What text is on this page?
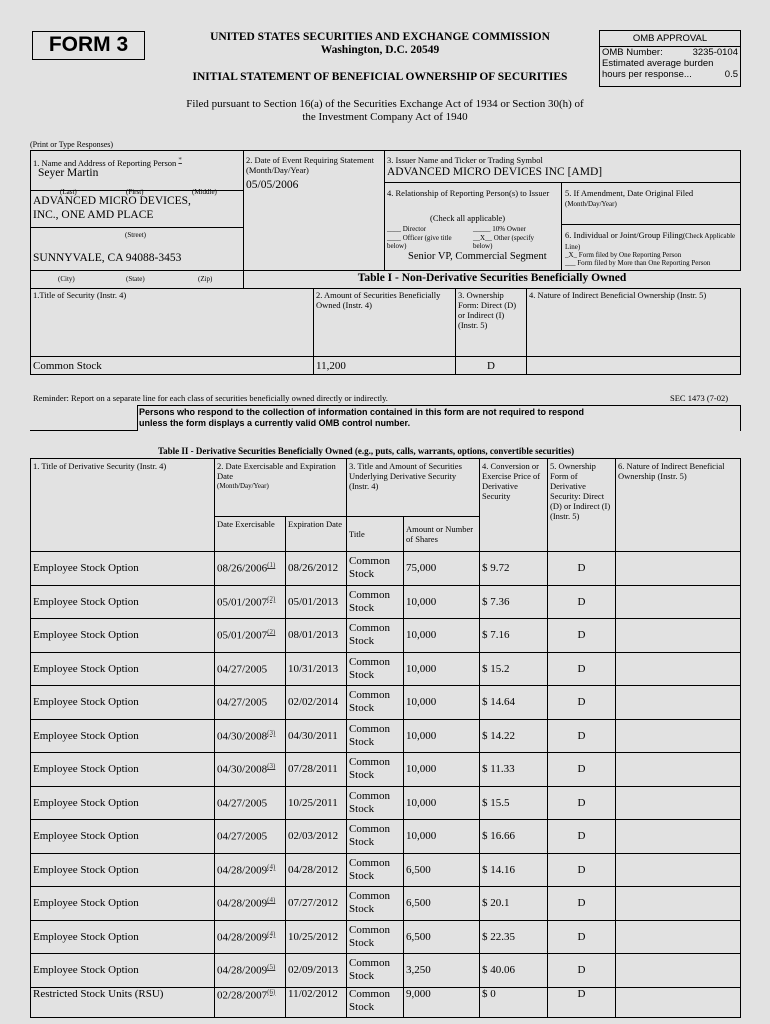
FORM 3	UNITED STATES SECURITIES AND EXCHANGE COMMISSION
Washington, D.C. 20549
INITIAL STATEMENT OF BENEFICIAL OWNERSHIP OF SECURITIES
OMB APPROVAL
OMB Number:	3235-0104
Estimated average burden
hours per response...	0.5
Filed pursuant to Section 16(a) of the Securities Exchange Act of 1934 or Section 30(h) of
the Investment Company Act of 1940
(Print or Type Responses)
1. Name and Address of Reporting Person *
Seyer Martin
(Last)	(First)	(Middle)
ADVANCED MICRO DEVICES,
INC., ONE AMD PLACE
(Street)
SUNNYVALE, CA 94088-3453
(City)	(State)	(Zip)
2. Date of Event Requiring Statement (Month/Day/Year)
05/05/2006
3. Issuer Name and Ticker or Trading Symbol
ADVANCED MICRO DEVICES INC [AMD]
4. Relationship of Reporting Person(s) to Issuer
(Check all applicable)
____ Director	_____ 10% Owner
____ Officer (give title below)
__X__ Other (specify below)
Senior VP, Commercial Segment
5. If Amendment, Date Original Filed (Month/Day/Year)
6. Individual or Joint/Group Filing(Check Applicable Line)
_X_ Form filed by One Reporting Person
___ Form filed by More than One Reporting Person
Table I - Non-Derivative Securities Beneficially Owned
1.Title of Security (Instr. 4)	2. Amount of Securities Beneficially Owned (Instr. 4)	3. Ownership Form: Direct (D) or Indirect (I) (Instr. 5)	4. Nature of Indirect Beneficial Ownership (Instr. 5)
Common Stock	11,200	D	
Reminder: Report on a separate line for each class of securities beneficially owned directly or indirectly.	SEC 1473 (7-02)
Persons who respond to the collection of information contained in this form are not required to respond
unless the form displays a currently valid OMB control number.
Table II - Derivative Securities Beneficially Owned (e.g., puts, calls, warrants, options, convertible securities)
1. Title of Derivative Security (Instr. 4)	2. Date Exercisable and Expiration Date
(Month/Day/Year)		3. Title and Amount of Securities Underlying Derivative Security (Instr. 4)		4. Conversion or Exercise Price of Derivative Security	5. Ownership Form of Derivative Security: Direct (D) or Indirect (I) (Instr. 5)	6. Nature of Indirect Beneficial Ownership (Instr. 5)
	Date Exercisable	Expiration Date	Title	Amount or Number of Shares			
Employee Stock Option	08/26/2006$^{(1)}$	08/26/2012	Common Stock	75,000	$ 9.72	D	
Employee Stock Option	05/01/2007$^{(2)}$	05/01/2013	Common Stock	10,000	$ 7.36	D	
Employee Stock Option	05/01/2007$^{(2)}$	08/01/2013	Common Stock	10,000	$ 7.16	D	
Employee Stock Option	04/27/2005	10/31/2013	Common Stock	10,000	$ 15.2	D	
Employee Stock Option	04/27/2005	02/02/2014	Common Stock	10,000	$ 14.64	D	
Employee Stock Option	04/30/2008$^{(3)}$	04/30/2011	Common Stock	10,000	$ 14.22	D	
Employee Stock Option	04/30/2008$^{(3)}$	07/28/2011	Common Stock	10,000	$ 11.33	D	
Employee Stock Option	04/27/2005	10/25/2011	Common Stock	10,000	$ 15.5	D	
Employee Stock Option	04/27/2005	02/03/2012	Common Stock	10,000	$ 16.66	D	
Employee Stock Option	04/28/2009$^{(4)}$	04/28/2012	Common Stock	6,500	$ 14.16	D	
Employee Stock Option	04/28/2009$^{(4)}$	07/27/2012	Common Stock	6,500	$ 20.1	D	
Employee Stock Option	04/28/2009$^{(4)}$	10/25/2012	Common Stock	6,500	$ 22.35	D	
Employee Stock Option	04/28/2009$^{(5)}$	02/09/2013	Common Stock	3,250	$ 40.06	D	
Restricted Stock Units (RSU)	02/28/2007$^{(6)}$	11/02/2012	Common Stock	9,000	$ 0	D	
